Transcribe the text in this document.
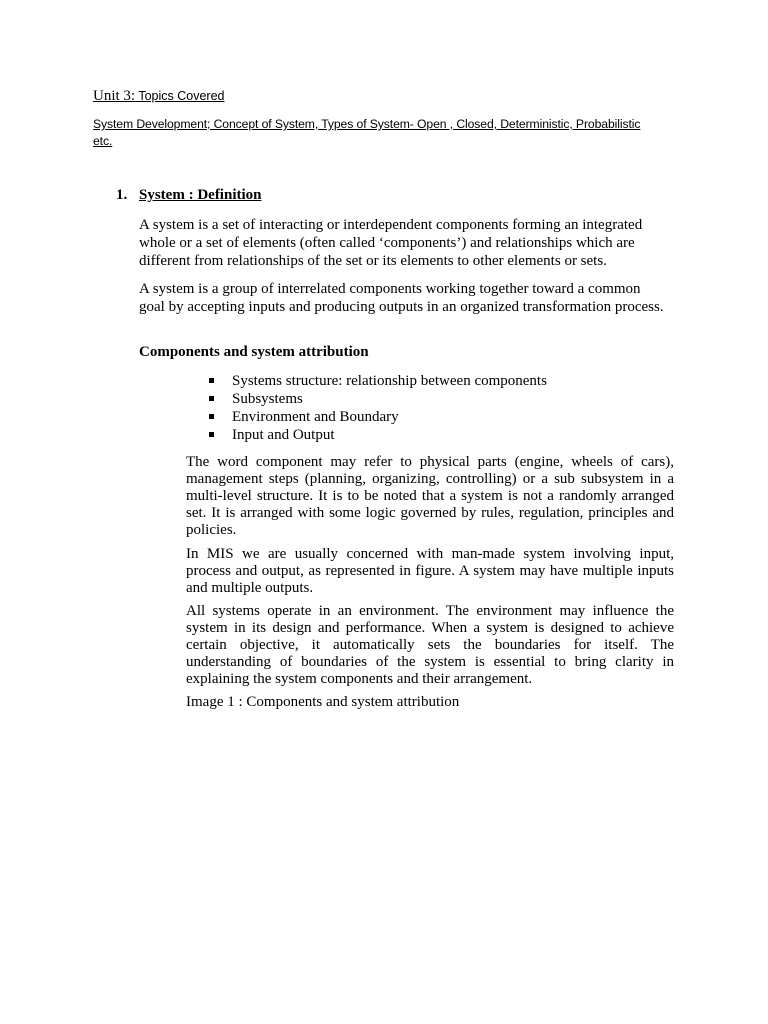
Unit 3: Topics Covered
System Development; Concept of System, Types of System- Open , Closed, Deterministic, Probabilistic etc.
1. System : Definition

A system is a set of interacting or interdependent components forming an integrated whole or a set of elements (often called ‘components’) and relationships which are different from relationships of the set or its elements to other elements or sets.

A system is a group of interrelated components working together toward a common goal by accepting inputs and producing outputs in an organized transformation process.

Components and system attribution
Systems structure: relationship between components
Subsystems
Environment and Boundary
Input and Output

The word component may refer to physical parts (engine, wheels of cars), management steps (planning, organizing, controlling) or a sub subsystem in a multi-level structure. It is to be noted that a system is not a randomly arranged set. It is arranged with some logic governed by rules, regulation, principles and policies.

In MIS we are usually concerned with man-made system involving input, process and output, as represented in figure. A system may have multiple inputs and multiple outputs.

All systems operate in an environment. The environment may influence the system in its design and performance. When a system is designed to achieve certain objective, it automatically sets the boundaries for itself. The understanding of boundaries of the system is essential to bring clarity in explaining the system components and their arrangement.

Image 1 : Components and system attribution
